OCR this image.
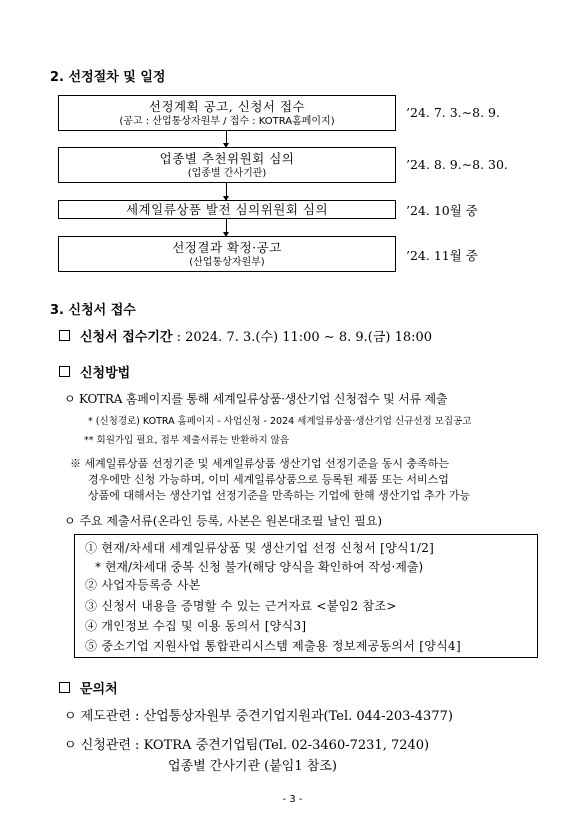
2. 선정절차 및 일정
선정계획 공고, 신청서 접수
(공고 : 산업통상자원부 / 접수 : KOTRA홈페이지)
’24. 7. 3.∼8. 9.
업종별 추천위원회 심의
(업종별 간사기관)
’24. 8. 9.∼8. 30.
세계일류상품 발전 심의위원회 심의	’24. 10월 중
선정결과 확정·공고
(산업통상자원부)	’24. 11월 중
3. 신청서 접수
신청서 접수기간 : 2024. 7. 3.(수) 11:00 ∼ 8. 9.(금) 18:00
신청방법
ㅇ KOTRA 홈페이지를 통해 세계일류상품·생산기업 신청접수 및 서류 제출
* (신청경로) KOTRA 홈페이지 - 사업신청 - 2024 세계일류상품·생산기업 신규선정 모집공고
** 회원가입 필요, 접부 제출서류는 반환하지 않음
※ 세계일류상품 선정기준 및 세계일류상품 생산기업 선정기준을 동시 충족하는
경우에만 신청 가능하며, 이미 세계일류상품으로 등록된 제품 또는 서비스업
상품에 대해서는 생산기업 선정기준을 만족하는 기업에 한해 생산기업 추가 가능
ㅇ 주요 제출서류(온라인 등록, 사본은 원본대조필 날인 필요)
① 현재/차세대 세계일류상품 및 생산기업 선정 신청서 [양식1/2]
* 현재/차세대 중복 신청 불가(해당 양식을 확인하여 작성·제출)
② 사업자등록증 사본
③ 신청서 내용을 증명할 수 있는 근거자료 <붙임2 참조>
④ 개인정보 수집 및 이용 동의서 [양식3]
⑤ 중소기업 지원사업 통합관리시스템 제출용 정보제공동의서 [양식4]
문의처
ㅇ 제도관련 : 산업통상자원부 중견기업지원과(Tel. 044-203-4377)
ㅇ 신청관련 : KOTRA 중견기업팀(Tel. 02-3460-7231, 7240)
업종별 간사기관 (붙임1 참조)
- 3 -
